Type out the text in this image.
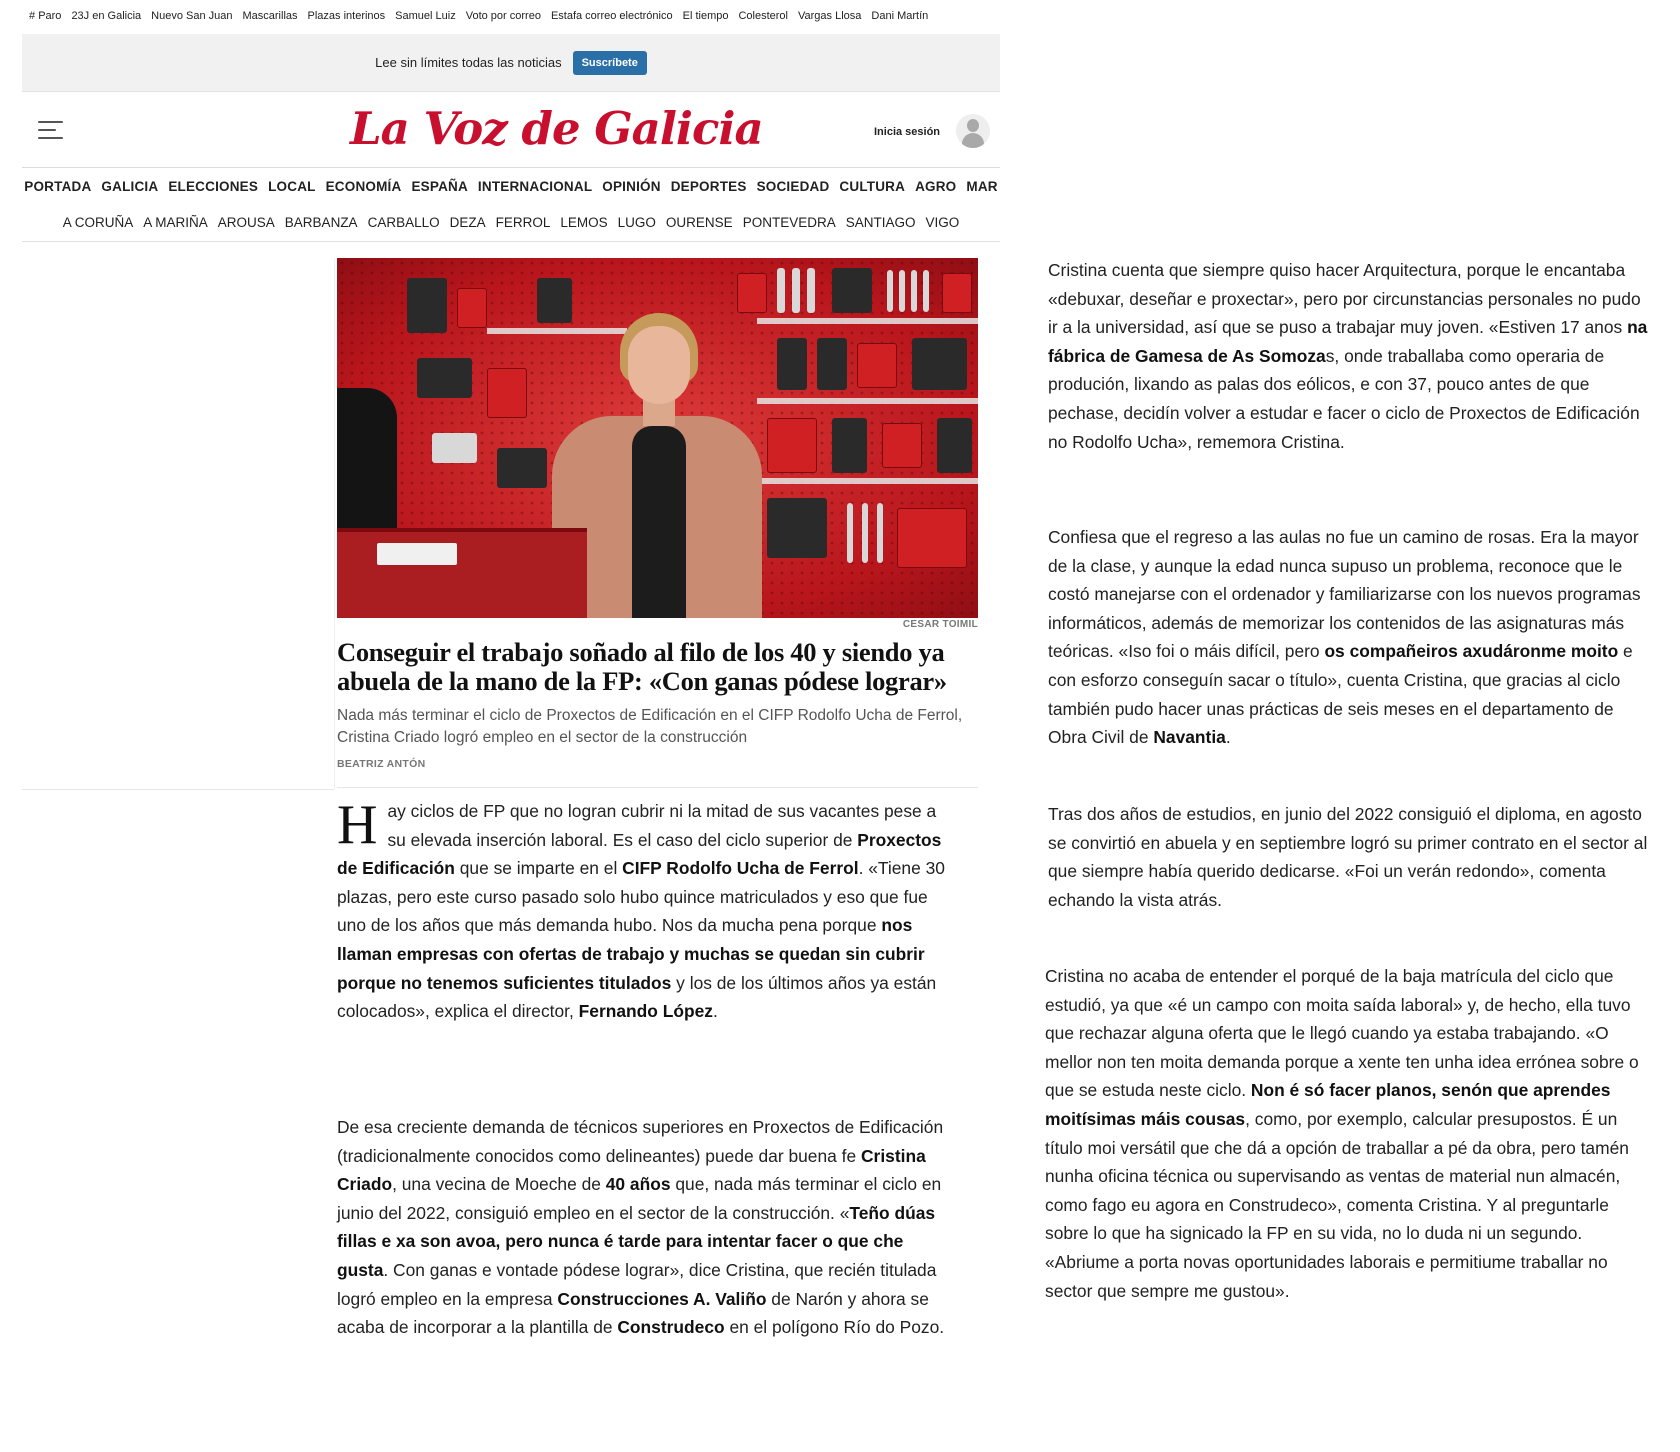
# Paro 23J en Galicia Nuevo San Juan Mascarillas Plazas interinos Samuel Luiz Voto por correo Estafa correo electrónico El tiempo Colesterol Vargas Llosa Dani Martín
Lee sin límites todas las noticias	Suscríbete
La Voz de Galicia	Inicia sesión
PORTADA GALICIA ELECCIONES LOCAL ECONOMÍA ESPAÑA INTERNACIONAL OPINIÓN DEPORTES SOCIEDAD CULTURA AGRO MAR
A CORUÑA A MARIÑA AROUSA BARBANZA CARBALLO DEZA FERROL LEMOS LUGO OURENSE PONTEVEDRA SANTIAGO VIGO
CESAR TOIMIL
Conseguir el trabajo soñado al filo de los 40 y siendo ya abuela de la mano de la FP: «Con ganas pódese lograr»

Nada más terminar el ciclo de Proxectos de Edificación en el CIFP Rodolfo Ucha de Ferrol, Cristina Criado logró empleo en el sector de la construcción

BEATRIZ ANTÓN
Hay ciclos de FP que no logran cubrir ni la mitad de sus vacantes pese a su elevada inserción laboral. Es el caso del ciclo superior de Proxectos de Edificación que se imparte en el CIFP Rodolfo Ucha de Ferrol. «Tiene 30 plazas, pero este curso pasado solo hubo quince matriculados y eso que fue uno de los años que más demanda hubo. Nos da mucha pena porque nos llaman empresas con ofertas de trabajo y muchas se quedan sin cubrir porque no tenemos suficientes titulados y los de los últimos años ya están colocados», explica el director, Fernando López.
De esa creciente demanda de técnicos superiores en Proxectos de Edificación (tradicionalmente conocidos como delineantes) puede dar buena fe Cristina Criado, una vecina de Moeche de 40 años que, nada más terminar el ciclo en junio del 2022, consiguió empleo en el sector de la construcción. «Teño dúas fillas e xa son avoa, pero nunca é tarde para intentar facer o que che gusta. Con ganas e vontade pódese lograr», dice Cristina, que recién titulada logró empleo en la empresa Construcciones A. Valiño de Narón y ahora se acaba de incorporar a la plantilla de Construdeco en el polígono Río do Pozo.
Cristina cuenta que siempre quiso hacer Arquitectura, porque le encantaba «debuxar, deseñar e proxectar», pero por circunstancias personales no pudo ir a la universidad, así que se puso a trabajar muy joven. «Estiven 17 anos na fábrica de Gamesa de As Somozas, onde traballaba como operaria de produción, lixando as palas dos eólicos, e con 37, pouco antes de que pechase, decidín volver a estudar e facer o ciclo de Proxectos de Edificación no Rodolfo Ucha», rememora Cristina.
Confiesa que el regreso a las aulas no fue un camino de rosas. Era la mayor de la clase, y aunque la edad nunca supuso un problema, reconoce que le costó manejarse con el ordenador y familiarizarse con los nuevos programas informáticos, además de memorizar los contenidos de las asignaturas más teóricas. «Iso foi o máis difícil, pero os compañeiros axudáronme moito e con esforzo conseguín sacar o título», cuenta Cristina, que gracias al ciclo también pudo hacer unas prácticas de seis meses en el departamento de Obra Civil de Navantia.
Tras dos años de estudios, en junio del 2022 consiguió el diploma, en agosto se convirtió en abuela y en septiembre logró su primer contrato en el sector al que siempre había querido dedicarse. «Foi un verán redondo», comenta echando la vista atrás.
Cristina no acaba de entender el porqué de la baja matrícula del ciclo que estudió, ya que «é un campo con moita saída laboral» y, de hecho, ella tuvo que rechazar alguna oferta que le llegó cuando ya estaba trabajando. «O mellor non ten moita demanda porque a xente ten unha idea errónea sobre o que se estuda neste ciclo. Non é só facer planos, senón que aprendes moitísimas máis cousas, como, por exemplo, calcular presupostos. É un título moi versátil que che dá a opción de traballar a pé da obra, pero tamén nunha oficina técnica ou supervisando as ventas de material nun almacén, como fago eu agora en Construdeco», comenta Cristina. Y al preguntarle sobre lo que ha signicado la FP en su vida, no lo duda ni un segundo. «Abriume a porta novas oportunidades laborais e permitiume traballar no sector que sempre me gustou».
